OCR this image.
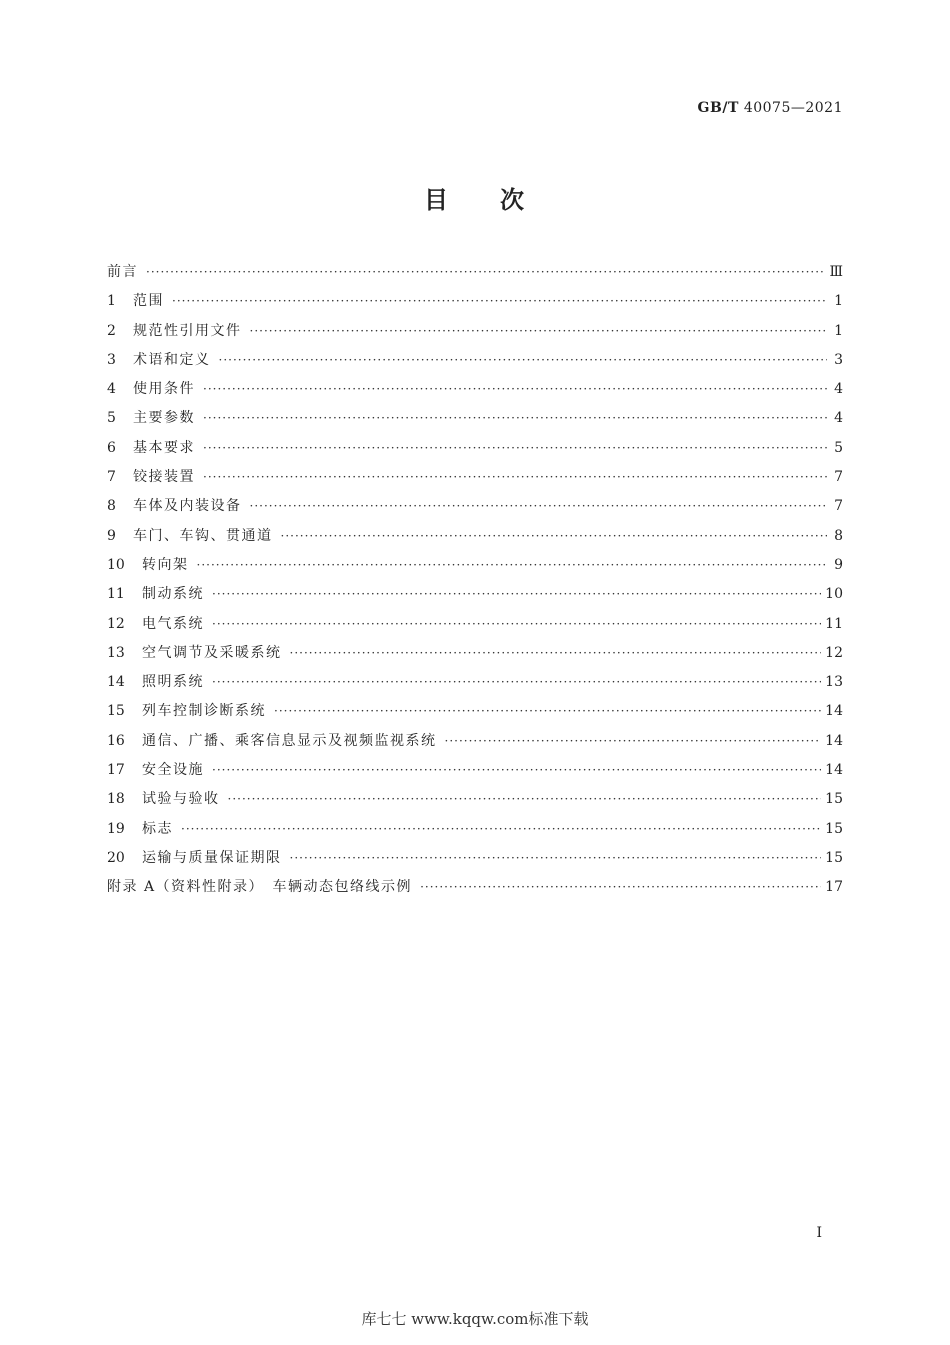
GB/T 40075—2021
目 次
前言 ·····	Ⅲ
1	范围 ·····	1
2	规范性引用文件 ·····	1
3	术语和定义 ·····	3
4	使用条件 ·····	4
5	主要参数 ·····	4
6	基本要求 ·····	5
7	铰接装置 ·····	7
8	车体及内装设备 ·····	7
9	车门、车钩、贯通道 ·····	8
10	转向架 ·····	9
11	制动系统 ·····	10
12	电气系统 ·····	11
13	空气调节及采暖系统 ·····	12
14	照明系统 ·····	13
15	列车控制诊断系统 ·····	14
16	通信、广播、乘客信息显示及视频监视系统 ·····	14
17	安全设施 ·····	14
18	试验与验收 ·····	15
19	标志 ·····	15
20	运输与质量保证期限 ·····	15
附录 A（资料性附录）　车辆动态包络线示例 ·····	17
Ⅰ
库七七 www.kqqw.com标准下载
